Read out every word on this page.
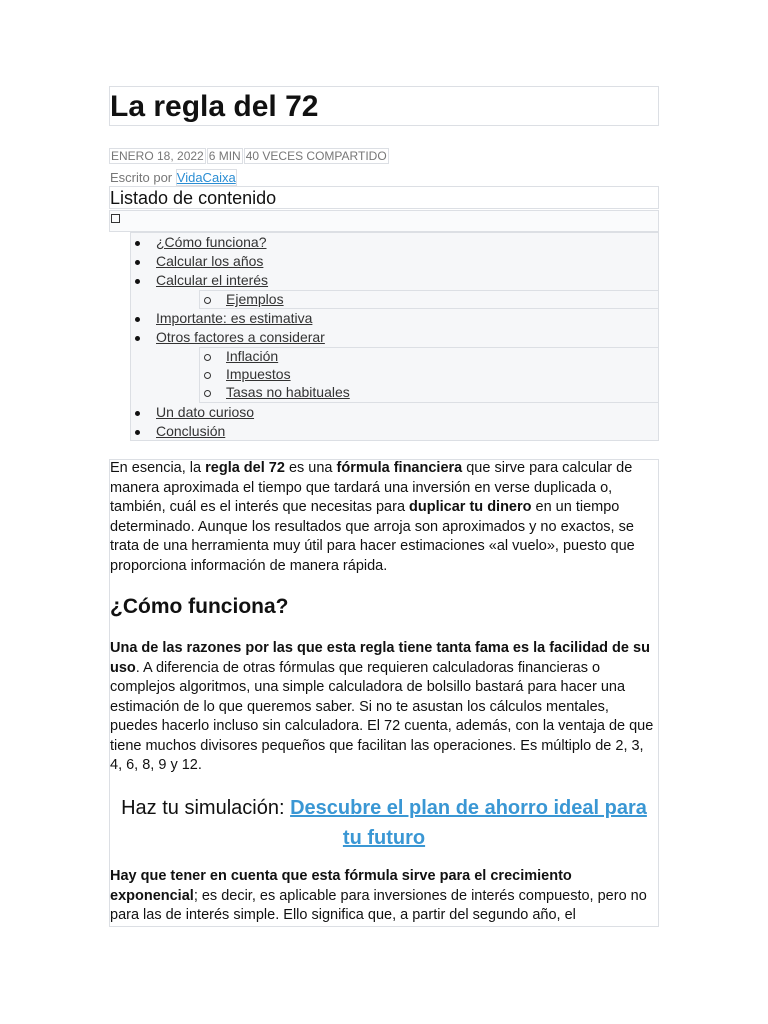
La regla del 72
ENERO 18, 2022 6 MIN 40 VECES COMPARTIDO
Escrito por VidaCaixa
Listado de contenido
¿Cómo funciona?
Calcular los años
Calcular el interés
Ejemplos
Importante: es estimativa
Otros factores a considerar
Inflación
Impuestos
Tasas no habituales
Un dato curioso
Conclusión

En esencia, la regla del 72 es una fórmula financiera que sirve para calcular de manera aproximada el tiempo que tardará una inversión en verse duplicada o, también, cuál es el interés que necesitas para duplicar tu dinero en un tiempo determinado. Aunque los resultados que arroja son aproximados y no exactos, se trata de una herramienta muy útil para hacer estimaciones «al vuelo», puesto que proporciona información de manera rápida.

¿Cómo funciona?

Una de las razones por las que esta regla tiene tanta fama es la facilidad de su uso. A diferencia de otras fórmulas que requieren calculadoras financieras o complejos algoritmos, una simple calculadora de bolsillo bastará para hacer una estimación de lo que queremos saber. Si no te asustan los cálculos mentales, puedes hacerlo incluso sin calculadora. El 72 cuenta, además, con la ventaja de que tiene muchos divisores pequeños que facilitan las operaciones. Es múltiplo de 2, 3, 4, 6, 8, 9 y 12.

Haz tu simulación: Descubre el plan de ahorro ideal para tu futuro

Hay que tener en cuenta que esta fórmula sirve para el crecimiento exponencial; es decir, es aplicable para inversiones de interés compuesto, pero no para las de interés simple. Ello significa que, a partir del segundo año, el
